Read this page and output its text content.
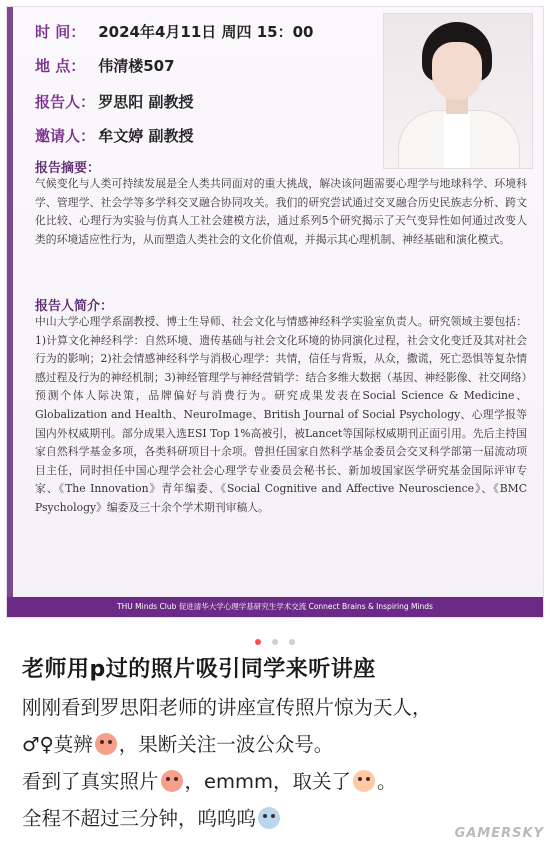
时 间： 2024年4月11日 周四 15：00
地 点： 伟清楼507
报告人： 罗思阳 副教授
邀请人： 牟文婷 副教授
报告摘要：
气候变化与人类可持续发展是全人类共同面对的重大挑战，解决该问题需要心理学与地球科学、环境科学、管理学、社会学等多学科交叉融合协同攻关。我们的研究尝试通过交叉融合历史民族志分析、跨文化比较、心理行为实验与仿真人工社会建模方法，通过系列5个研究揭示了天气变异性如何通过改变人类的环境适应性行为，从而塑造人类社会的文化价值观，并揭示其心理机制、神经基础和演化模式。
报告人简介：
中山大学心理学系副教授、博士生导师、社会文化与情感神经科学实验室负责人。研究领域主要包括：1)计算文化神经科学：自然环境、遗传基础与社会文化环境的协同演化过程，社会文化变迁及其对社会行为的影响；2)社会情感神经科学与消极心理学：共情，信任与背叛，从众，撒谎，死亡恐惧等复杂情感过程及行为的神经机制；3)神经管理学与神经营销学：结合多维大数据（基因、神经影像、社交网络）预测个体人际决策，品牌偏好与消费行为。研究成果发表在Social Science & Medicine、Globalization and Health、NeuroImage、British Journal of Social Psychology、心理学报等国内外权威期刊。部分成果入选ESI Top 1%高被引，被Lancet等国际权威期刊正面引用。先后主持国家自然科学基金多项，各类科研项目十余项。曾担任国家自然科学基金委员会交叉科学部第一届流动项目主任，同时担任中国心理学会社会心理学专业委员会秘书长、新加坡国家医学研究基金国际评审专家、《The Innovation》青年编委、《Social Cognitive and Affective Neuroscience》、《BMC Psychology》编委及三十余个学术期刊审稿人。
THU Minds Club 促进清华大学心理学基研究生学术交流 Connect Brains & Inspiring Minds

老师用p过的照片吸引同学来听讲座
刚刚看到罗思阳老师的讲座宣传照片惊为天人，
♂♀莫辨 ，果断关注一波公众号。
看到了真实照片 ，emmm，取关了 。
全程不超过三分钟，呜呜呜
GAMERSKY
